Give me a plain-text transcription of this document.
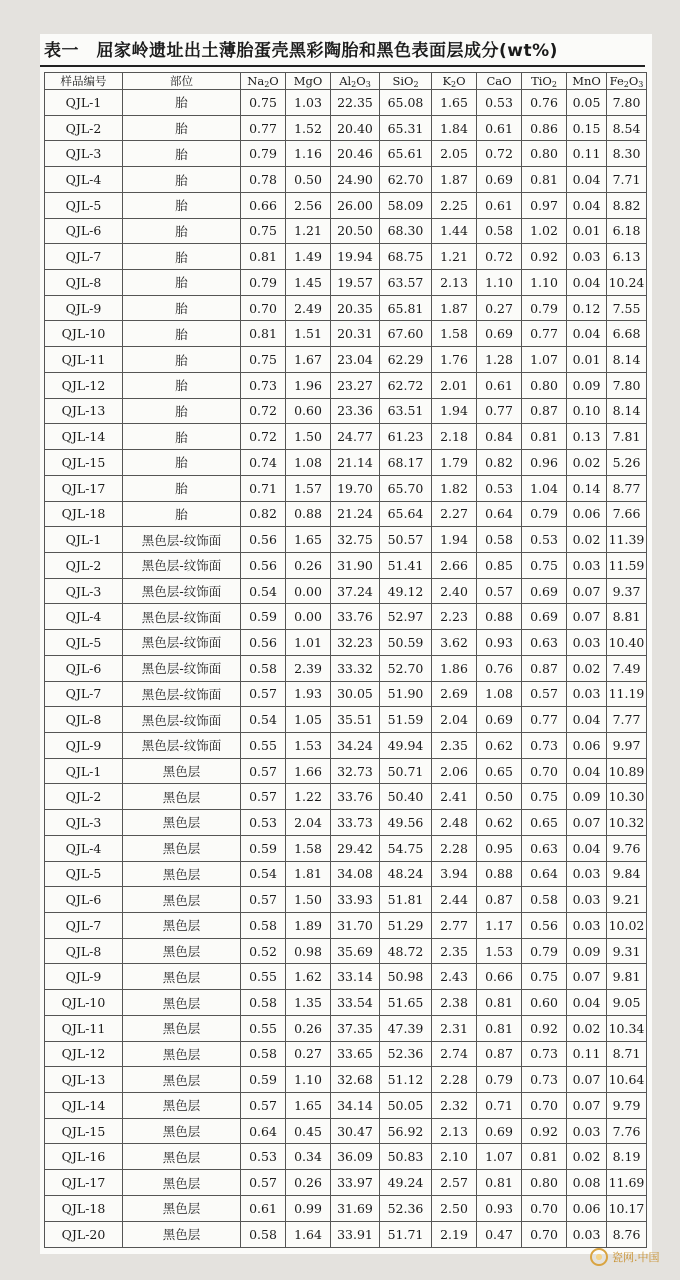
表一　屈家岭遗址出土薄胎蛋壳黑彩陶胎和黑色表面层成分(wt%)
样品编号	部位	$Na_2O$	MgO	$Al_2O_3$	SiO$_2$	$K_2O$	CaO	TiO$_2$	MnO	$Fe_2O_3$
QJL-1	胎	0.75	1.03	22.35	65.08	1.65	0.53	0.76	0.05	7.80
QJL-2	胎	0.77	1.52	20.40	65.31	1.84	0.61	0.86	0.15	8.54
QJL-3	胎	0.79	1.16	20.46	65.61	2.05	0.72	0.80	0.11	8.30
QJL-4	胎	0.78	0.50	24.90	62.70	1.87	0.69	0.81	0.04	7.71
QJL-5	胎	0.66	2.56	26.00	58.09	2.25	0.61	0.97	0.04	8.82
QJL-6	胎	0.75	1.21	20.50	68.30	1.44	0.58	1.02	0.01	6.18
QJL-7	胎	0.81	1.49	19.94	68.75	1.21	0.72	0.92	0.03	6.13
QJL-8	胎	0.79	1.45	19.57	63.57	2.13	1.10	1.10	0.04	10.24
QJL-9	胎	0.70	2.49	20.35	65.81	1.87	0.27	0.79	0.12	7.55
QJL-10	胎	0.81	1.51	20.31	67.60	1.58	0.69	0.77	0.04	6.68
QJL-11	胎	0.75	1.67	23.04	62.29	1.76	1.28	1.07	0.01	8.14
QJL-12	胎	0.73	1.96	23.27	62.72	2.01	0.61	0.80	0.09	7.80
QJL-13	胎	0.72	0.60	23.36	63.51	1.94	0.77	0.87	0.10	8.14
QJL-14	胎	0.72	1.50	24.77	61.23	2.18	0.84	0.81	0.13	7.81
QJL-15	胎	0.74	1.08	21.14	68.17	1.79	0.82	0.96	0.02	5.26
QJL-17	胎	0.71	1.57	19.70	65.70	1.82	0.53	1.04	0.14	8.77
QJL-18	胎	0.82	0.88	21.24	65.64	2.27	0.64	0.79	0.06	7.66
QJL-1	黑色层-纹饰面	0.56	1.65	32.75	50.57	1.94	0.58	0.53	0.02	11.39
QJL-2	黑色层-纹饰面	0.56	0.26	31.90	51.41	2.66	0.85	0.75	0.03	11.59
QJL-3	黑色层-纹饰面	0.54	0.00	37.24	49.12	2.40	0.57	0.69	0.07	9.37
QJL-4	黑色层-纹饰面	0.59	0.00	33.76	52.97	2.23	0.88	0.69	0.07	8.81
QJL-5	黑色层-纹饰面	0.56	1.01	32.23	50.59	3.62	0.93	0.63	0.03	10.40
QJL-6	黑色层-纹饰面	0.58	2.39	33.32	52.70	1.86	0.76	0.87	0.02	7.49
QJL-7	黑色层-纹饰面	0.57	1.93	30.05	51.90	2.69	1.08	0.57	0.03	11.19
QJL-8	黑色层-纹饰面	0.54	1.05	35.51	51.59	2.04	0.69	0.77	0.04	7.77
QJL-9	黑色层-纹饰面	0.55	1.53	34.24	49.94	2.35	0.62	0.73	0.06	9.97
QJL-1	黑色层	0.57	1.66	32.73	50.71	2.06	0.65	0.70	0.04	10.89
QJL-2	黑色层	0.57	1.22	33.76	50.40	2.41	0.50	0.75	0.09	10.30
QJL-3	黑色层	0.53	2.04	33.73	49.56	2.48	0.62	0.65	0.07	10.32
QJL-4	黑色层	0.59	1.58	29.42	54.75	2.28	0.95	0.63	0.04	9.76
QJL-5	黑色层	0.54	1.81	34.08	48.24	3.94	0.88	0.64	0.03	9.84
QJL-6	黑色层	0.57	1.50	33.93	51.81	2.44	0.87	0.58	0.03	9.21
QJL-7	黑色层	0.58	1.89	31.70	51.29	2.77	1.17	0.56	0.03	10.02
QJL-8	黑色层	0.52	0.98	35.69	48.72	2.35	1.53	0.79	0.09	9.31
QJL-9	黑色层	0.55	1.62	33.14	50.98	2.43	0.66	0.75	0.07	9.81
QJL-10	黑色层	0.58	1.35	33.54	51.65	2.38	0.81	0.60	0.04	9.05
QJL-11	黑色层	0.55	0.26	37.35	47.39	2.31	0.81	0.92	0.02	10.34
QJL-12	黑色层	0.58	0.27	33.65	52.36	2.74	0.87	0.73	0.11	8.71
QJL-13	黑色层	0.59	1.10	32.68	51.12	2.28	0.79	0.73	0.07	10.64
QJL-14	黑色层	0.57	1.65	34.14	50.05	2.32	0.71	0.70	0.07	9.79
QJL-15	黑色层	0.64	0.45	30.47	56.92	2.13	0.69	0.92	0.03	7.76
QJL-16	黑色层	0.53	0.34	36.09	50.83	2.10	1.07	0.81	0.02	8.19
QJL-17	黑色层	0.57	0.26	33.97	49.24	2.57	0.81	0.80	0.08	11.69
QJL-18	黑色层	0.61	0.99	31.69	52.36	2.50	0.93	0.70	0.06	10.17
QJL-20	黑色层	0.58	1.64	33.91	51.71	2.19	0.47	0.70	0.03	8.76
瓷网.中国
